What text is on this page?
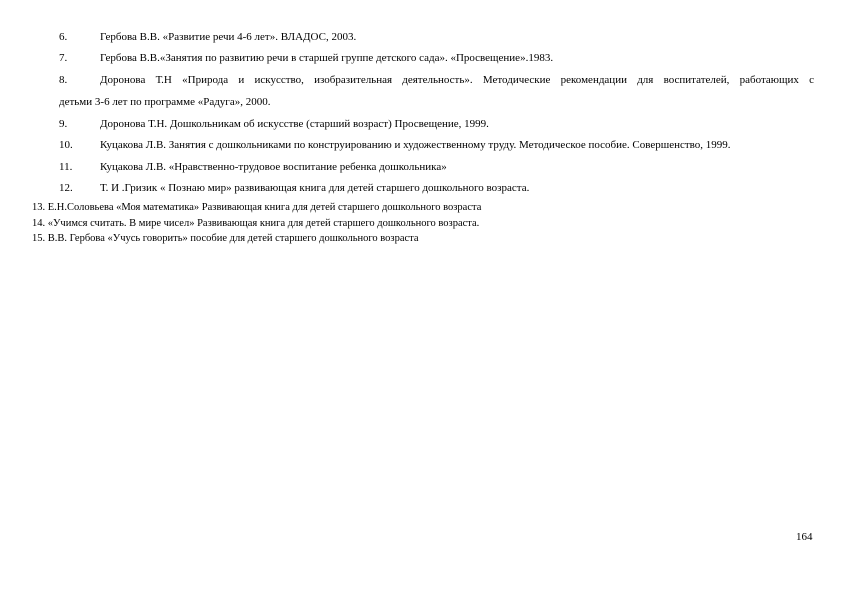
6.	Гербова В.В. «Развитие речи 4-6 лет». ВЛАДОС, 2003.
7.	Гербова В.В.«Занятия по развитию речи в старшей группе детского сада». «Просвещение».1983.
8.	Доронова Т.Н «Природа и искусство, изобразительная деятельность». Методические рекомендации для воспитателей, работающих с
детьми 3-6 лет по программе «Радуга», 2000.
9.	Доронова Т.Н. Дошкольникам об искусстве (старший возраст) Просвещение, 1999.
10. Куцакова Л.В. Занятия с дошкольниками по конструированию и художественному труду. Методическое пособие. Совершенство, 1999.
11.	Куцакова Л.В. «Нравственно-трудовое воспитание ребенка дошкольника»
12. Т. И .Гризик « Познаю мир» развивающая книга для детей старшего дошкольного возраста.
13. Е.Н.Соловьева «Моя математика» Развивающая книга для детей старшего дошкольного возраста
14. «Учимся считать. В мире чисел» Развивающая книга для детей старшего дошкольного возраста.
15. В.В. Гербова «Учусь говорить» пособие для детей старшего дошкольного возраста
164
